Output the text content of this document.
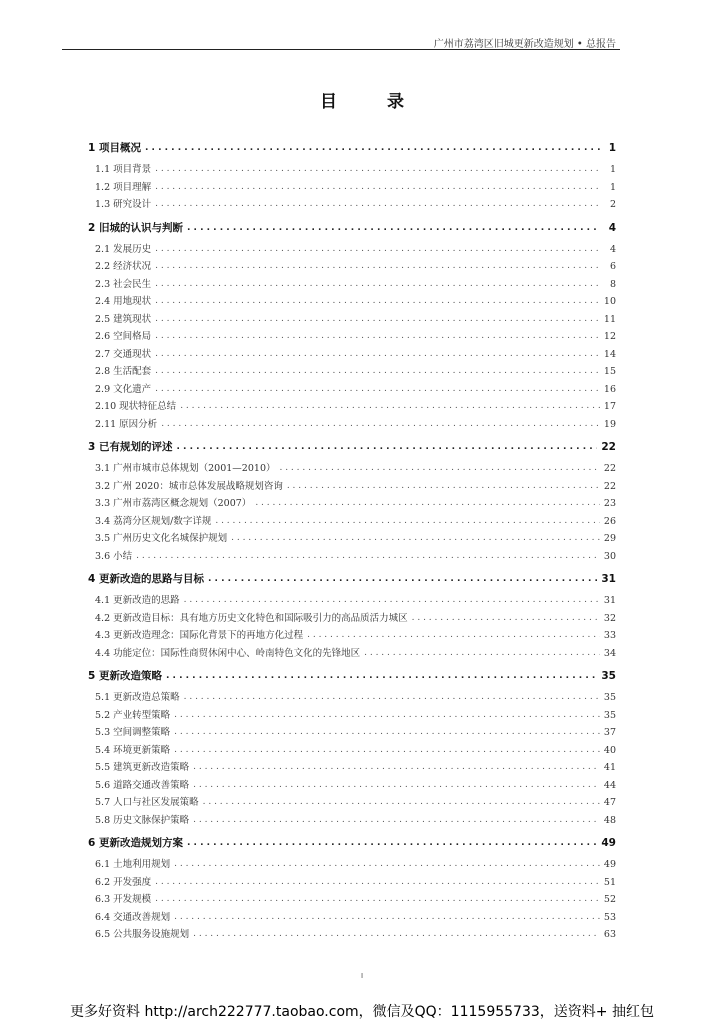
广州市荔湾区旧城更新改造规划 • 总报告
目 录
1 项目概况 . . .	1
1.1 项目背景 . . .	1
1.2 项目理解 . . .	1
1.3 研究设计 . . .	2
2 旧城的认识与判断 . . .	4
2.1 发展历史 . . .	4
2.2 经济状况 . . .	6
2.3 社会民生 . . .	8
2.4 用地现状 . . .	10
2.5 建筑现状 . . .	11
2.6 空间格局 . . .	12
2.7 交通现状 . . .	14
2.8 生活配套 . . .	15
2.9 文化遗产 . . .	16
2.10 现状特征总结 . . .	17
2.11 原因分析 . . .	19
3 已有规划的评述 . . .	22
3.1 广州市城市总体规划（2001—2010） . . .	22
3.2 广州 2020：城市总体发展战略规划咨询 . . .	22
3.3 广州市荔湾区概念规划（2007） . . .	23
3.4 荔湾分区规划/数字详规 . . .	26
3.5 广州历史文化名城保护规划 . . .	29
3.6 小结 . . .	30
4 更新改造的思路与目标 . . .	31
4.1 更新改造的思路 . . .	31
4.2 更新改造目标：具有地方历史文化特色和国际吸引力的高品质活力城区 . . .	32
4.3 更新改造理念：国际化背景下的再地方化过程 . . .	33
4.4 功能定位：国际性商贸休闲中心、岭南特色文化的先锋地区 . . .	34
5 更新改造策略 . . .	35
5.1 更新改造总策略 . . .	35
5.2 产业转型策略 . . .	35
5.3 空间调整策略 . . .	37
5.4 环境更新策略 . . .	40
5.5 建筑更新改造策略 . . .	41
5.6 道路交通改善策略 . . .	44
5.7 人口与社区发展策略 . . .	47
5.8 历史文脉保护策略 . . .	48
6 更新改造规划方案 . . .	49
6.1 土地利用规划 . . .	49
6.2 开发强度 . . .	51
6.3 开发规模 . . .	52
6.4 交通改善规划 . . .	53
6.5 公共服务设施规划 . . .	63
I
更多好资料 http://arch222777.taobao.com，微信及QQ：1115955733，送资料+ 抽红包
